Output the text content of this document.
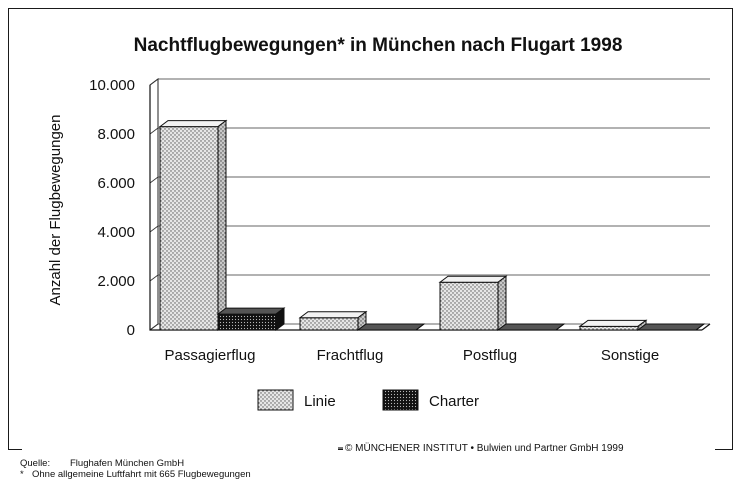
Nachtflugbewegungen* in München nach Flugart 1998
Anzahl der Flugbewegungen
0
2.000
4.000
6.000
8.000
10.000
Passagierflug	Frachtflug	Postflug	Sonstige
Linie	Charter
© MÜNCHENER INSTITUT • Bulwien und Partner GmbH 1999
Quelle: Flughafen München GmbH
* Ohne allgemeine Luftfahrt mit 665 Flugbewegungen
